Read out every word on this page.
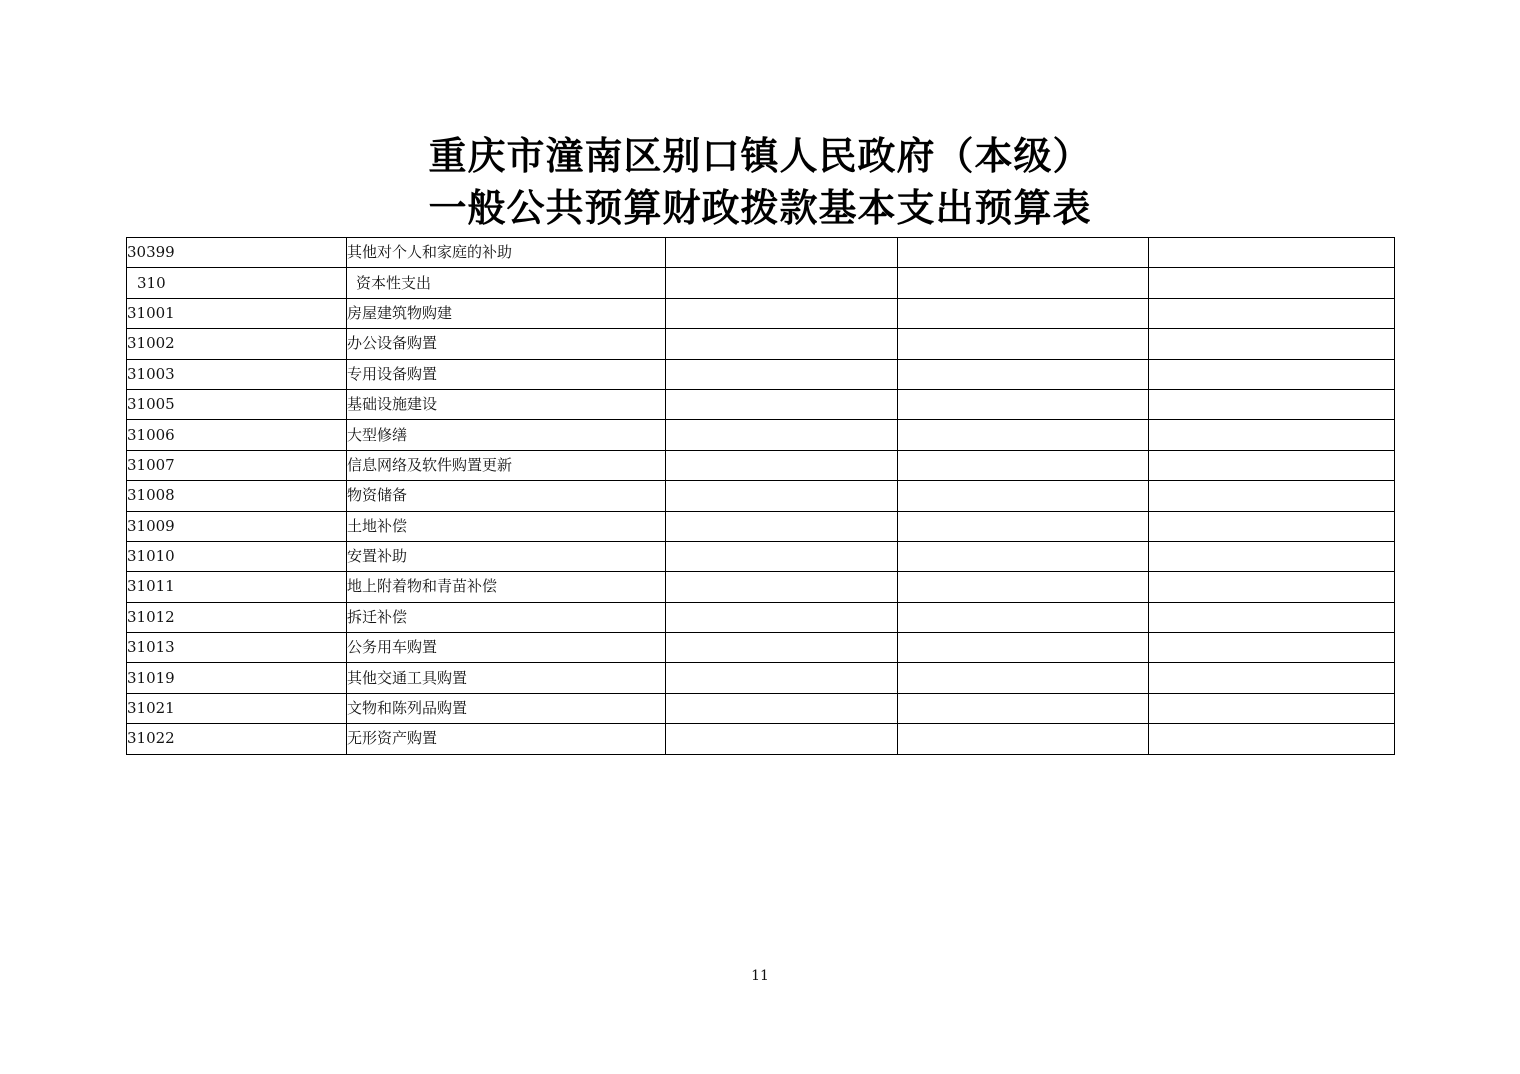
重庆市潼南区别口镇人民政府（本级）
一般公共预算财政拨款基本支出预算表
30399	其他对个人和家庭的补助			
310	资本性支出			
31001	房屋建筑物购建			
31002	办公设备购置			
31003	专用设备购置			
31005	基础设施建设			
31006	大型修缮			
31007	信息网络及软件购置更新			
31008	物资储备			
31009	土地补偿			
31010	安置补助			
31011	地上附着物和青苗补偿			
31012	拆迁补偿			
31013	公务用车购置			
31019	其他交通工具购置			
31021	文物和陈列品购置			
31022	无形资产购置			
11
